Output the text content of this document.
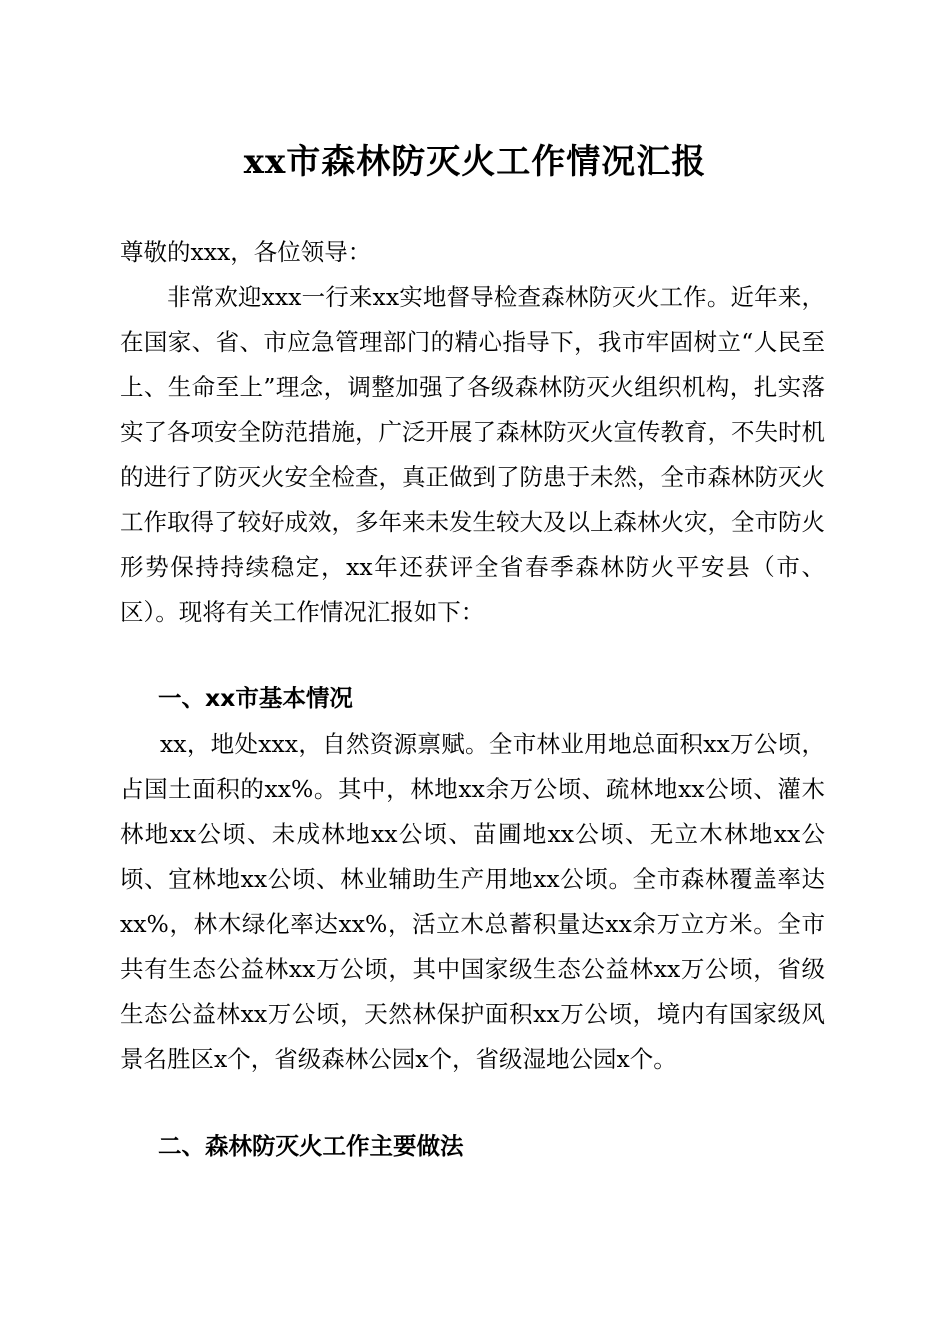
xx市森林防灭火工作情况汇报
尊敬的xxx，各位领导：
非常欢迎xxx一行来xx实地督导检查森林防灭火工作。近年来，在国家、省、市应急管理部门的精心指导下，我市牢固树立“人民至上、生命至上”理念，调整加强了各级森林防灭火组织机构，扎实落实了各项安全防范措施，广泛开展了森林防灭火宣传教育，不失时机的进行了防灭火安全检查，真正做到了防患于未然，全市森林防灭火工作取得了较好成效，多年来未发生较大及以上森林火灾，全市防火形势保持持续稳定，xx年还获评全省春季森林防火平安县（市、区）。现将有关工作情况汇报如下：
一、xx市基本情况
xx，地处xxx，自然资源禀赋。全市林业用地总面积xx万公顷，占国土面积的xx%。其中，林地xx余万公顷、疏林地xx公顷、灌木林地xx公顷、未成林地xx公顷、苗圃地xx公顷、无立木林地xx公顷、宜林地xx公顷、林业辅助生产用地xx公顷。全市森林覆盖率达xx%，林木绿化率达xx%，活立木总蓄积量达xx余万立方米。全市共有生态公益林xx万公顷，其中国家级生态公益林xx万公顷，省级生态公益林xx万公顷，天然林保护面积xx万公顷，境内有国家级风景名胜区x个，省级森林公园x个，省级湿地公园x个。
二、森林防灭火工作主要做法
